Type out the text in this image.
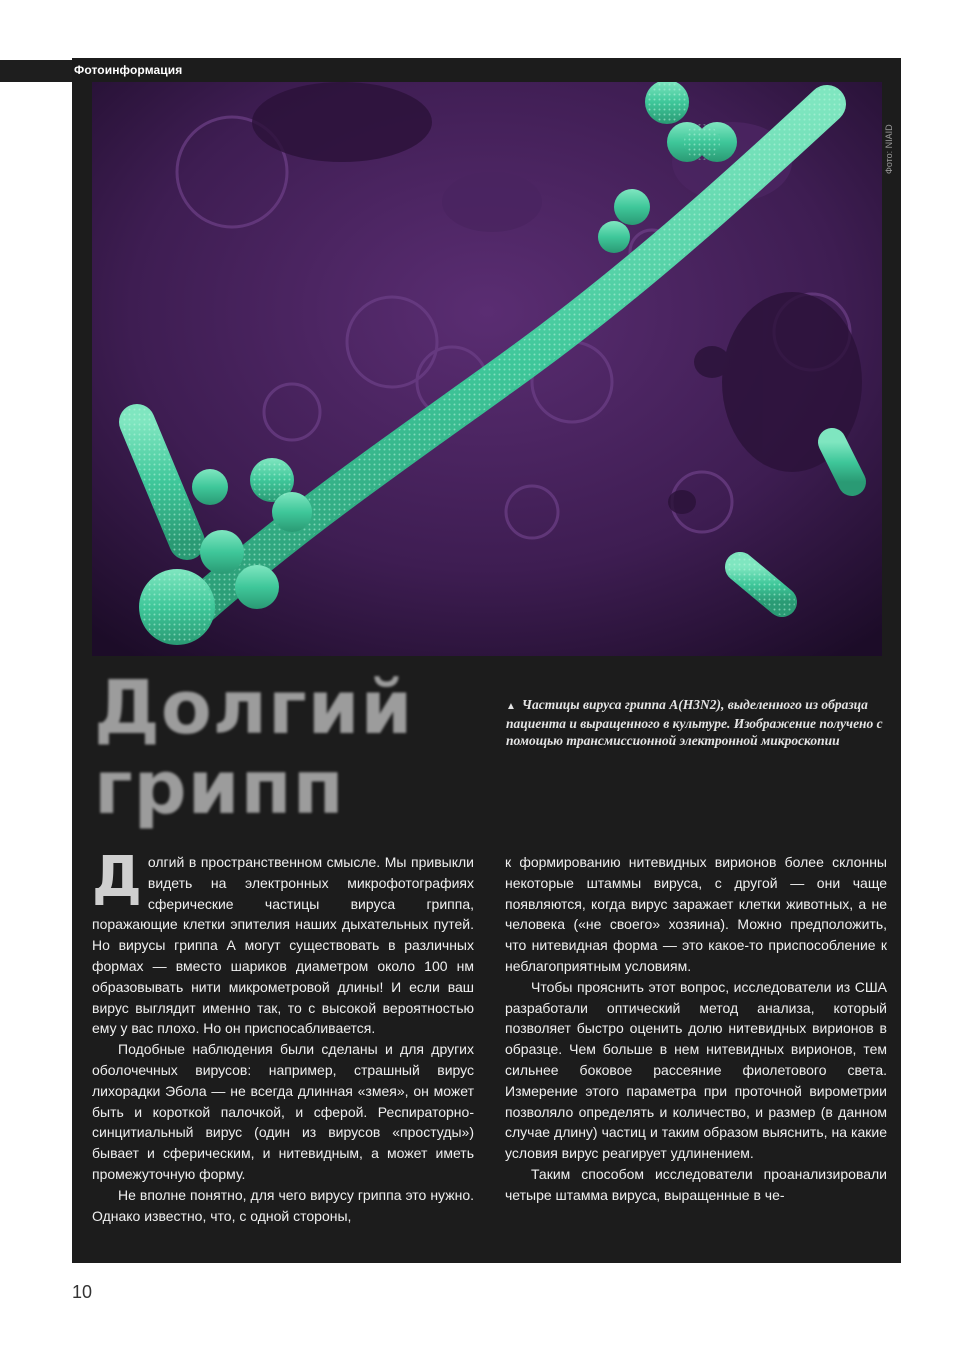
Фотоинформация
Фото: NIAID
Долгий
грипп
▲ Частицы вируса гриппа А(H3N2), выделенного из образца пациента и выращенного в культуре. Изображение получено с помощью трансмиссионной электронной микроскопии

Долгий в пространственном смысле. Мы привыкли видеть на электронных микрофотографиях сферические частицы вируса гриппа, поражающие клетки эпителия наших дыхательных путей. Но вирусы гриппа А могут существовать в различных формах — вместо шариков диаметром около 100 нм образовывать нити микрометровой длины! И если ваш вирус выглядит именно так, то с высокой вероятностью ему у вас плохо. Но он приспосабливается.

Подобные наблюдения были сделаны и для других оболочечных вирусов: например, страшный вирус лихорадки Эбола — не всегда длинная «змея», он может быть и короткой палочкой, и сферой. Респираторно-синцитиальный вирус (один из вирусов «простуды») бывает и сферическим, и нитевидным, а может иметь промежуточную форму.

Не вполне понятно, для чего вирусу гриппа это нужно. Однако известно, что, с одной стороны,

к формированию нитевидных вирионов более склонны некоторые штаммы вируса, с другой — они чаще появляются, когда вирус заражает клетки животных, а не человека («не своего» хозяина). Можно предположить, что нитевидная форма — это какое-то приспособление к неблагоприятным условиям.

Чтобы прояснить этот вопрос, исследователи из США разработали оптический метод анализа, который позволяет быстро оценить долю нитевидных вирионов в образце. Чем больше в нем нитевидных вирионов, тем сильнее боковое рассеяние фиолетового света. Измерение этого параметра при проточной вирометрии позволяло определять и количество, и размер (в данном случае длину) частиц и таким образом выяснить, на какие условия вирус реагирует удлинением.

Таким способом исследователи проанализировали четыре штамма вируса, выращенные в че-

10
